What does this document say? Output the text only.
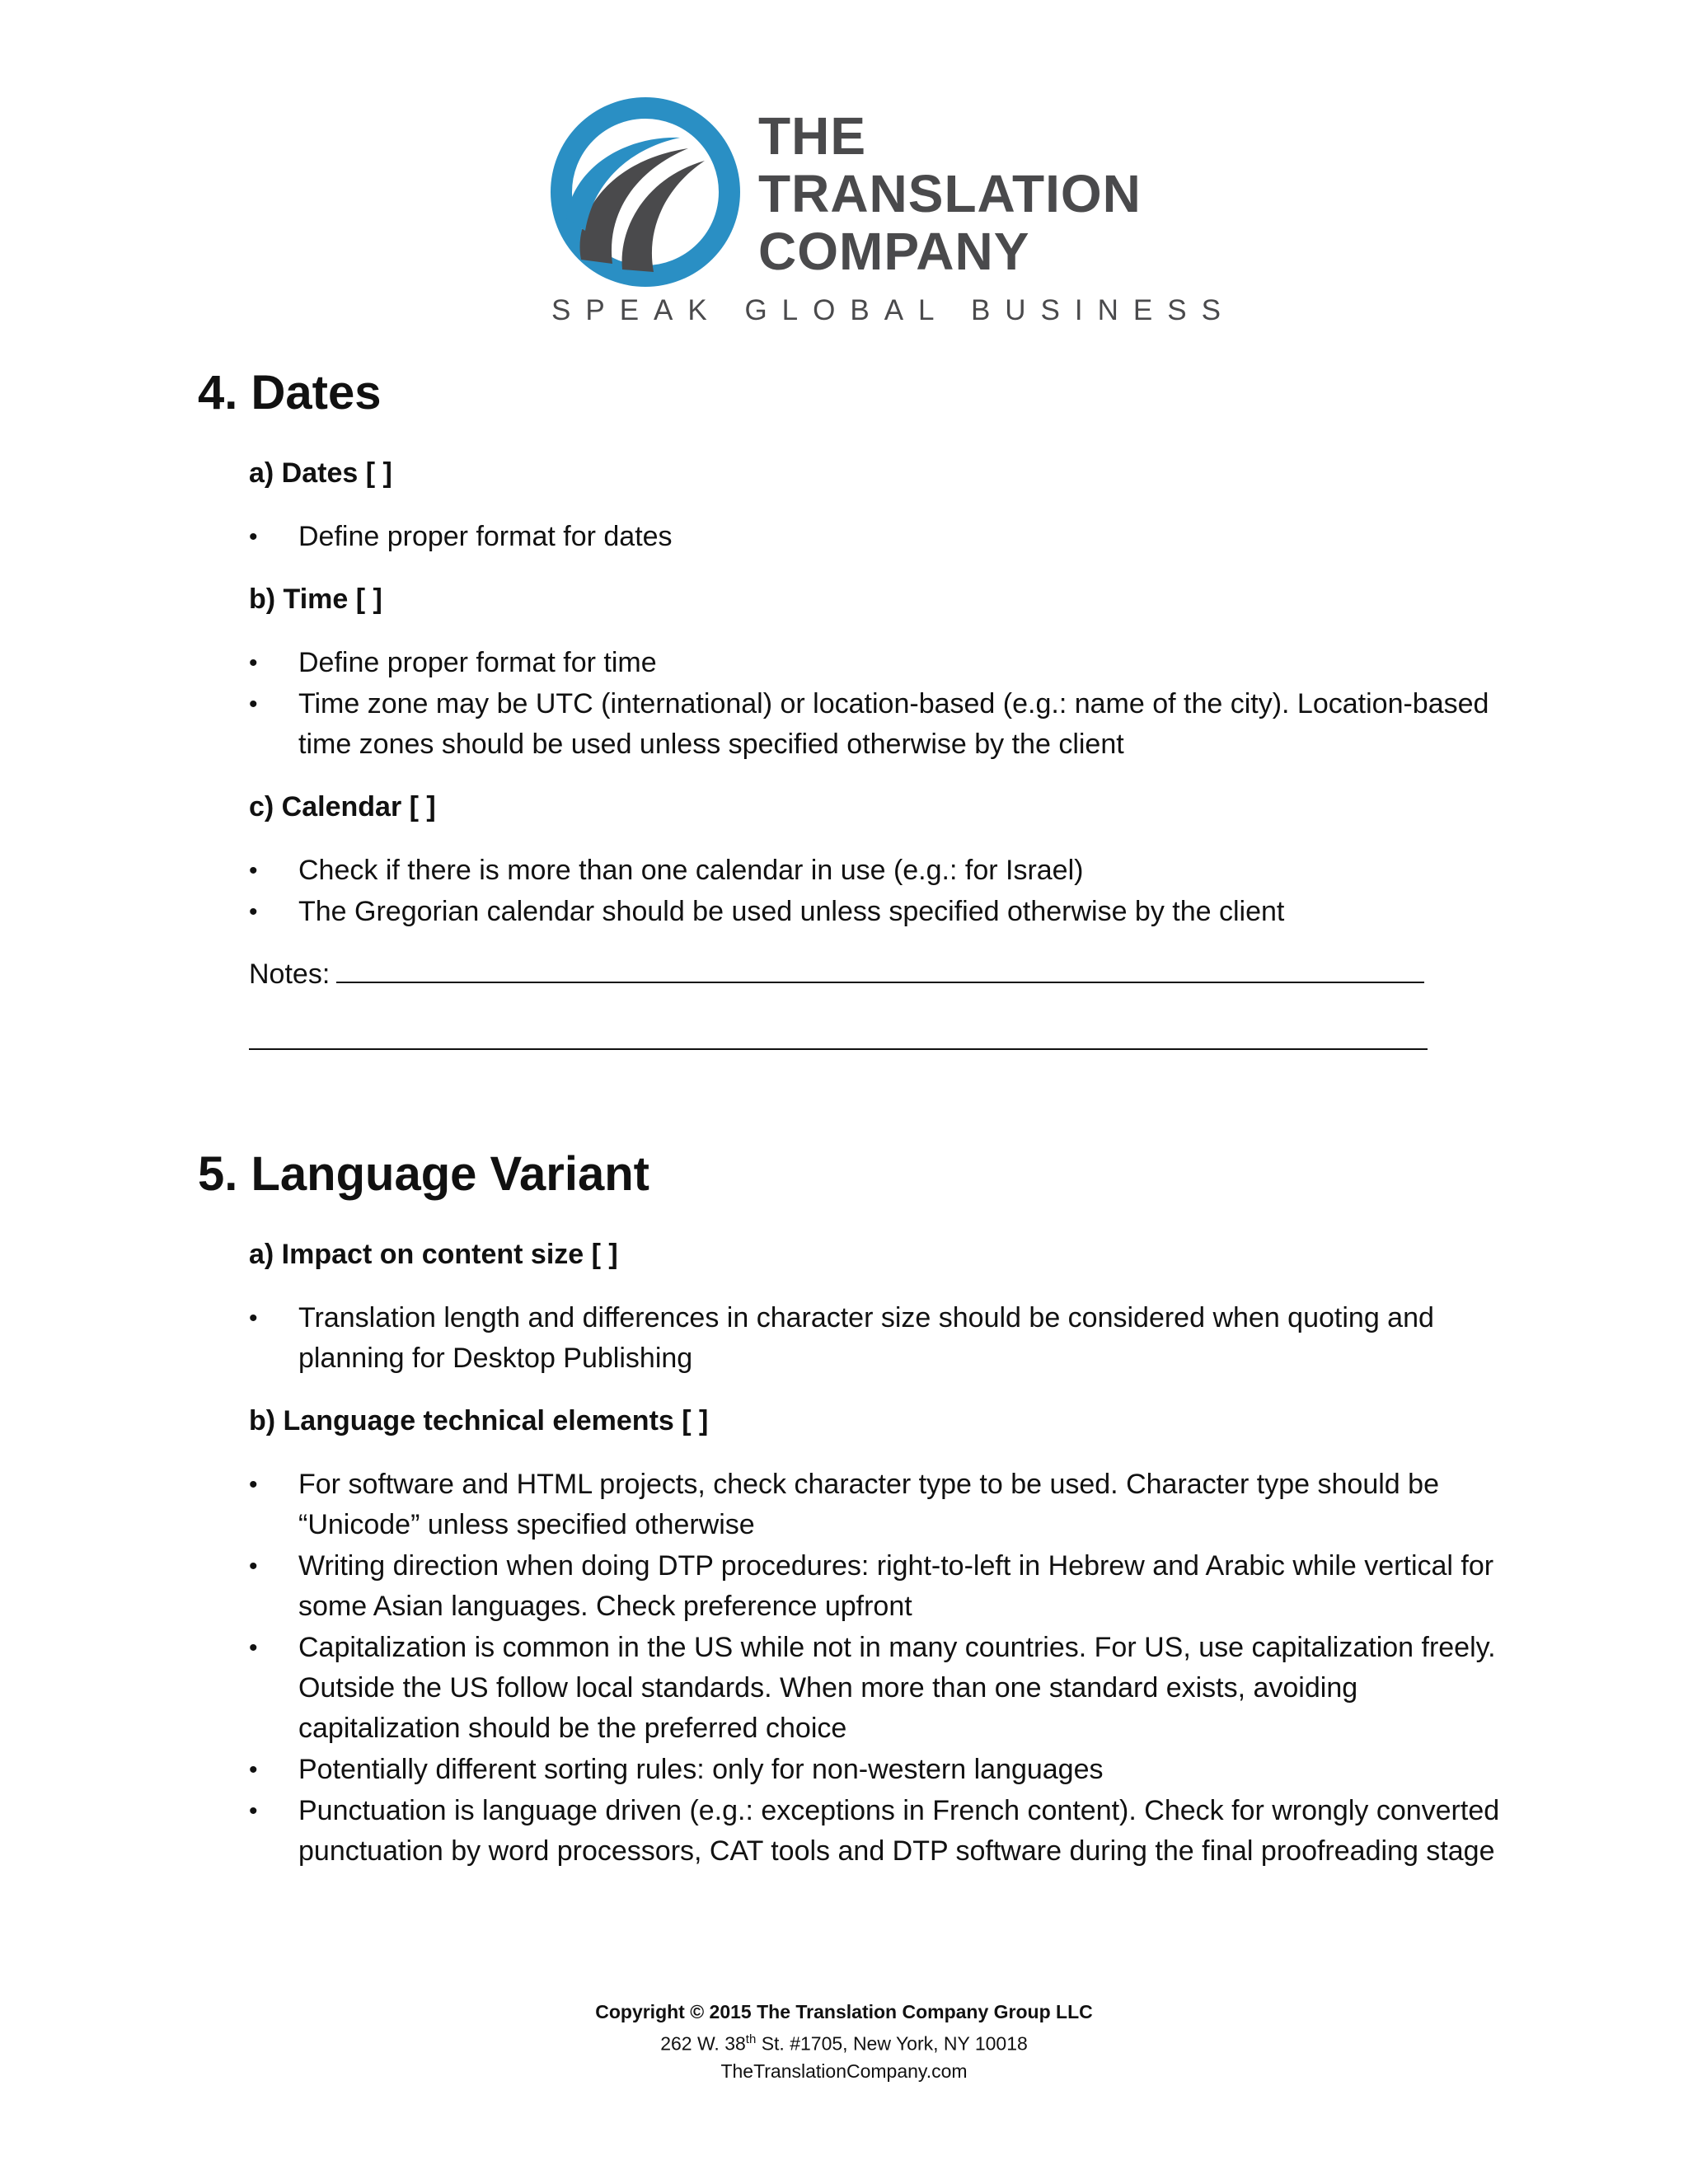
THE
TRANSLATION
COMPANY
SPEAK GLOBAL BUSINESS
4. Dates
a) Dates [ ]
•	Define proper format for dates
b) Time [ ]
•	Define proper format for time
•	Time zone may be UTC (international) or location-based (e.g.: name of the city). Location-based time zones should be used unless specified otherwise by the client
c) Calendar [ ]
•	Check if there is more than one calendar in use (e.g.: for Israel)
•	The Gregorian calendar should be used unless specified otherwise by the client
Notes:
5. Language Variant
a) Impact on content size [ ]
•	Translation length and differences in character size should be considered when quoting and planning for Desktop Publishing
b) Language technical elements [ ]
•	For software and HTML projects, check character type to be used. Character type should be “Unicode” unless specified otherwise
•	Writing direction when doing DTP procedures: right-to-left in Hebrew and Arabic while vertical for some Asian languages. Check preference upfront
•	Capitalization is common in the US while not in many countries. For US, use capitalization freely. Outside the US follow local standards. When more than one standard exists, avoiding capitalization should be the preferred choice
•	Potentially different sorting rules: only for non-western languages
•	Punctuation is language driven (e.g.: exceptions in French content). Check for wrongly converted punctuation by word processors, CAT tools and DTP software during the final proofreading stage
Copyright © 2015 The Translation Company Group LLC
262 W. 38th St. #1705, New York, NY 10018
TheTranslationCompany.com
